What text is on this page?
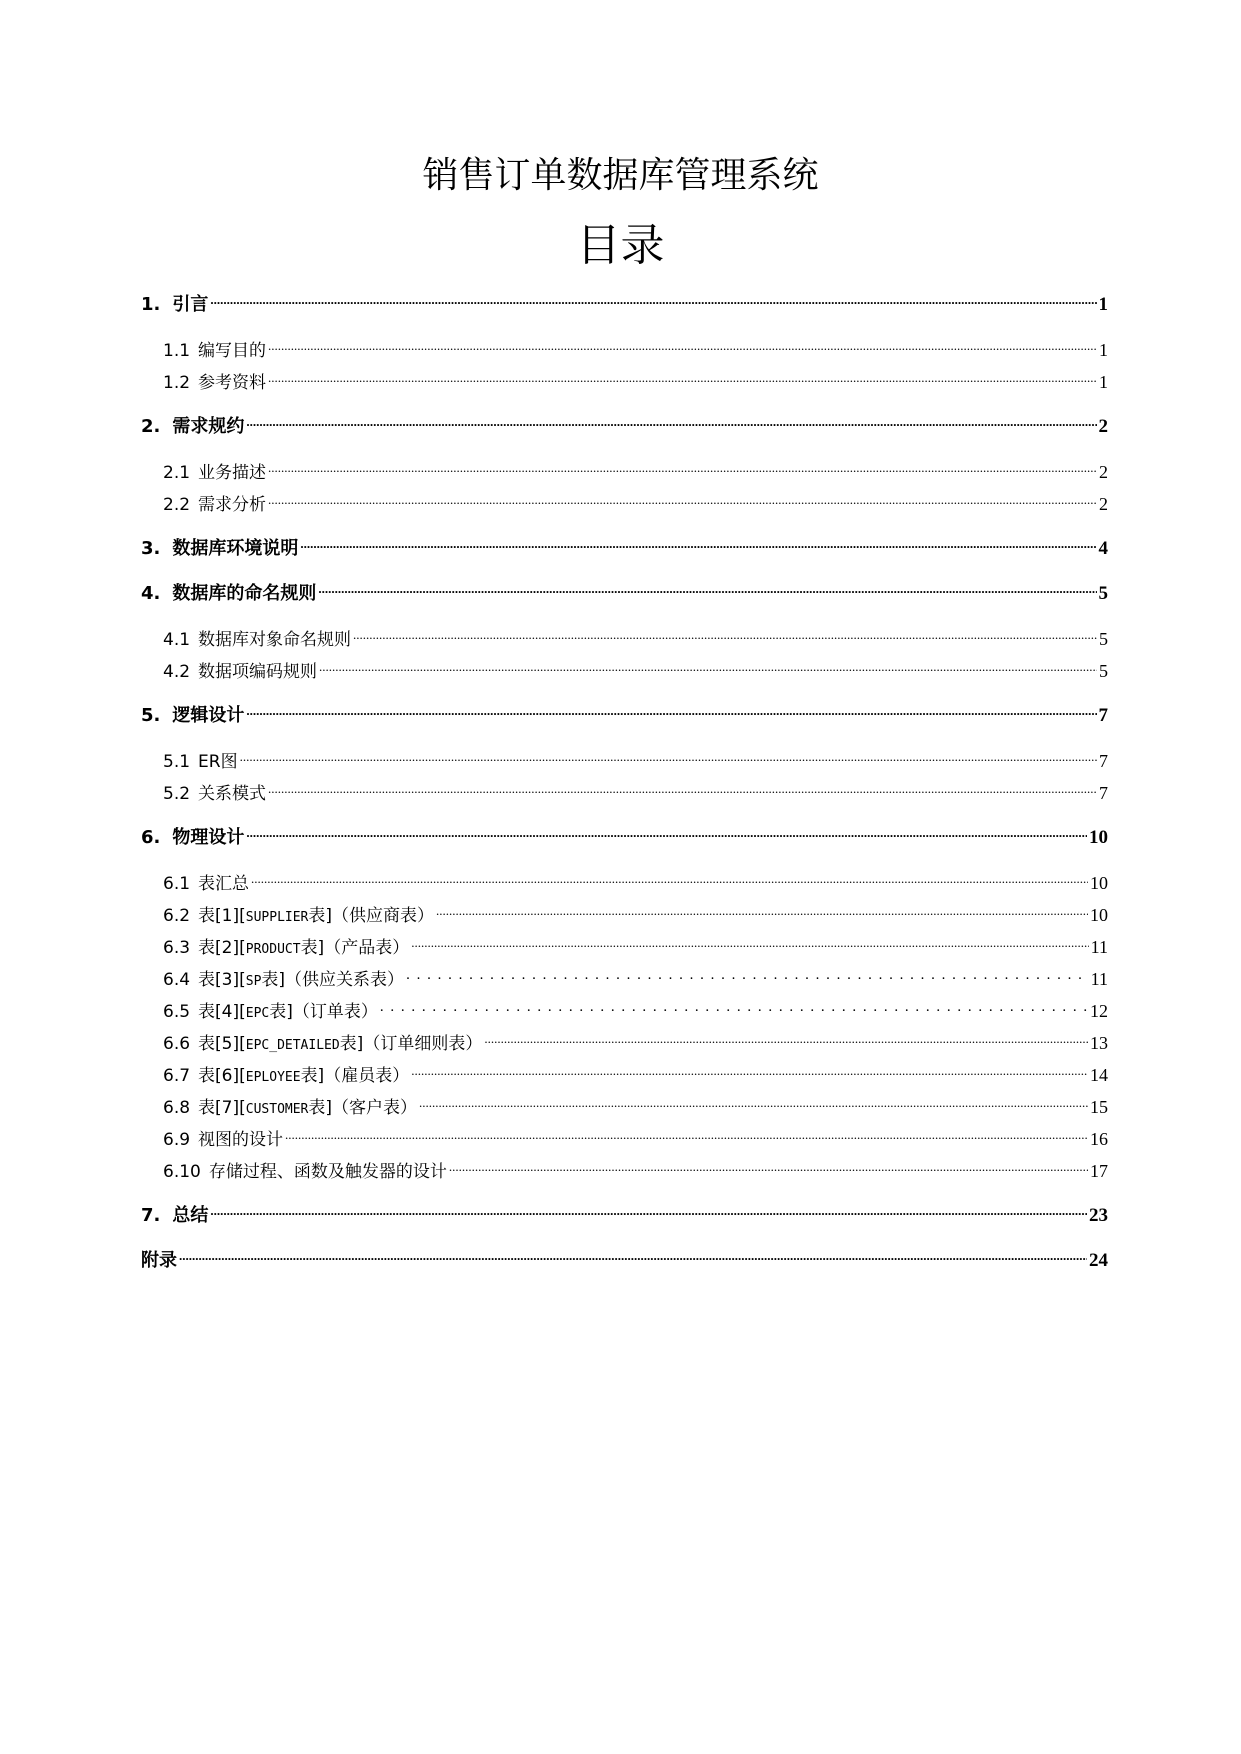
销售订单数据库管理系统
目录
1. 引言 .....	1
1.1 编写目的 .....	1
1.2 参考资料 .....	1
2. 需求规约 .....	2
2.1 业务描述 .....	2
2.2 需求分析 .....	2
3. 数据库环境说明 .....	4
4. 数据库的命名规则 .....	5
4.1 数据库对象命名规则 .....	5
4.2 数据项编码规则 .....	5
5. 逻辑设计 .....	7
5.1 ER图 .....	7
5.2 关系模式 .....	7
6. 物理设计 .....	10
6.1 表汇总 .....	10
6.2 表[1][SUPPLIER表]（供应商表） .....	10
6.3 表[2][PRODUCT表]（产品表） .....	11
6.4 表[3][SP表]（供应关系表） . . .	11
6.5 表[4][EPC表]（订单表） . . .	12
6.6 表[5][EPC_DETAILED表]（订单细则表） .....	13
6.7 表[6][EPLOYEE表]（雇员表） .....	14
6.8 表[7][CUSTOMER表]（客户表） .....	15
6.9 视图的设计 .....	16
6.10 存储过程、函数及触发器的设计 .....	17
7. 总结 .....	23
附录 .....	24
